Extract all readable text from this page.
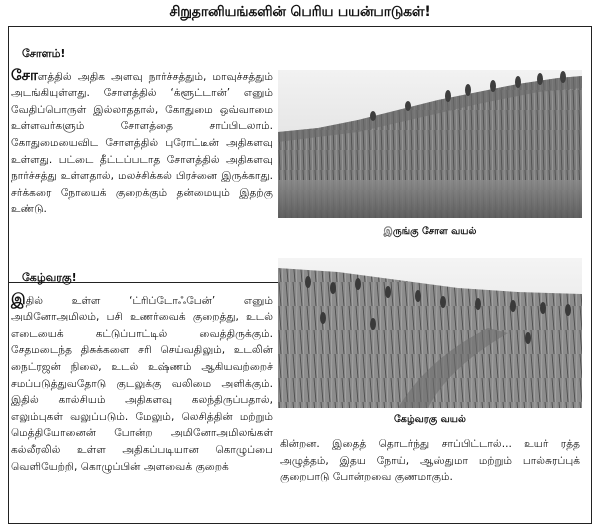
சிறுதானியங்களின் பெரிய பயன்பாடுகள்!
சோளம்!
சோளத்தில் அதிக அளவு நார்ச்சத்தும், மாவுச்சத்தும் அடங்கியுள்ளது. சோளத்தில் ‘க்ளூட்டான்’ எனும் வேதிப்பொருள் இல்லாததால், கோதுமை ஒவ்வாமை உள்ளவர்களும் சோளத்தை சாப்பிடலாம். கோதுமையைவிட சோளத்தில் புரோட்டீன் அதிகளவு உள்ளது. பட்டை தீட்டப்படாத சோளத்தில் அதிகளவு நார்ச்சத்து உள்ளதால், மலச்சிக்கல் பிரச்னை இருக்காது. சர்க்கரை நோயைக் குறைக்கும் தன்மையும் இதற்கு உண்டு.
கேழ்வரகு!
இதில் உள்ள ‘ட்ரிப்டோஃபேன்’ எனும் அமினோஅமிலம், பசி உணர்வைக் குறைத்து, உடல் எடையைக் கட்டுப்பாட்டில் வைத்திருக்கும். சேதமடைந்த திசுக்களை சரி செய்வதிலும், உடலின் நைட்ரஜன் நிலை, உடல் உஷ்ணம் ஆகியவற்றைச் சமப்படுத்துவதோடு குடலுக்கு வலிமை அளிக்கும். இதில் கால்சியம் அதிகளவு கலந்திருப்பதால், எலும்புகள் வலுப்படும். மேலும், லெசித்தின் மற்றும் மெத்தியோனைன் போன்ற அமினோஅமிலங்கள் கல்லீரலில் உள்ள அதிகப்படியான கொழுப்பை வெளியேற்றி, கொழுப்பின் அளவைக் குறைக்
இருங்கு சோள வயல்
கேழ்வரகு வயல்
கின்றன. இதைத் தொடர்ந்து சாப்பிட்டால்... உயர் ரத்த அழுத்தம், இதய நோய், ஆஸ்துமா மற்றும் பால்சுரப்புக் குறைபாடு போன்றவை குணமாகும்.
